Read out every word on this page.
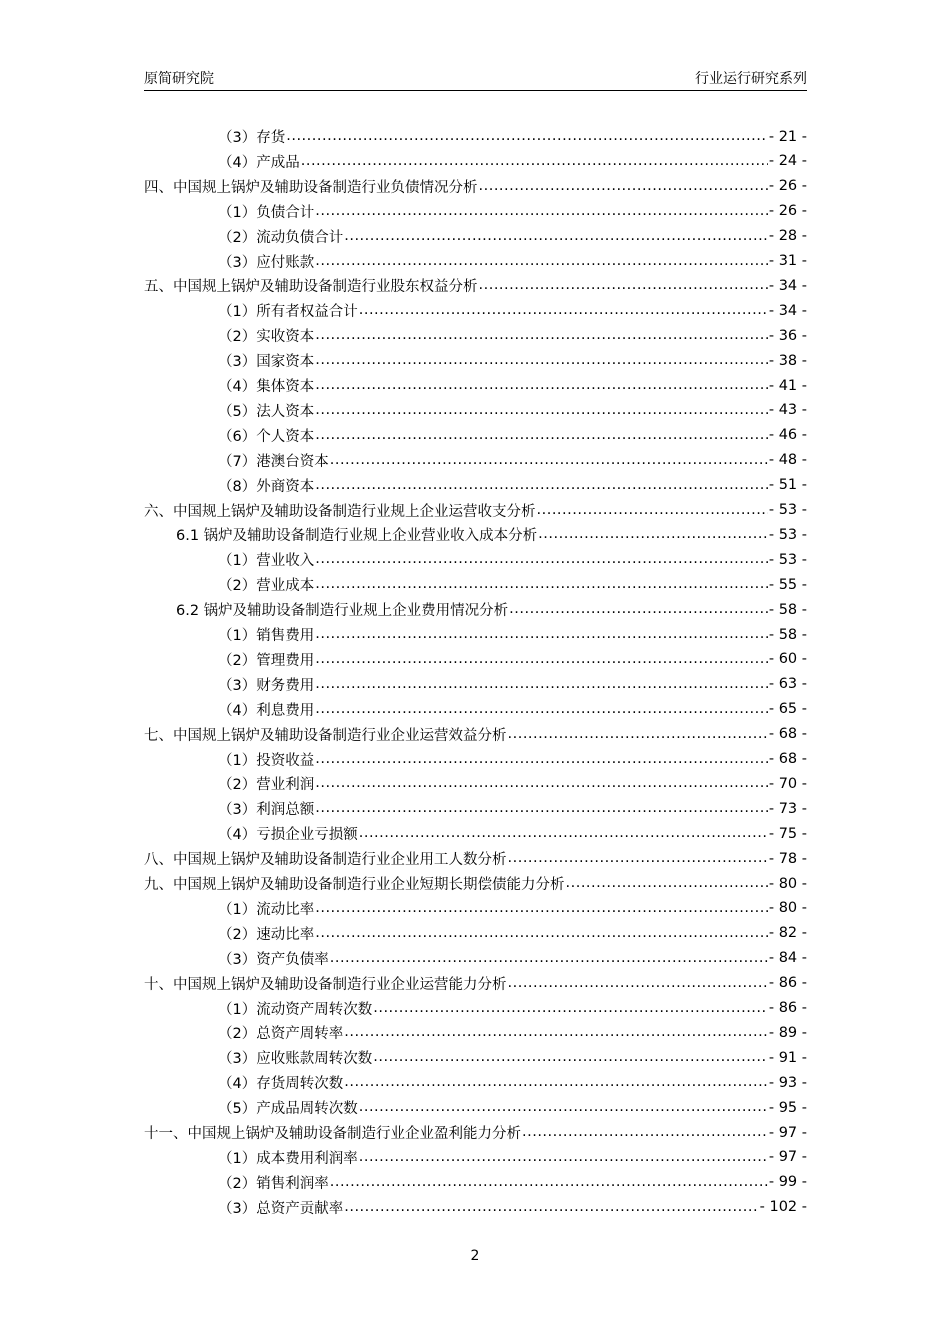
原简研究院	行业运行研究系列
（3）存货 .....	- 21 -
（4）产成品 .....	- 24 -
四、中国规上锅炉及辅助设备制造行业负债情况分析 .....	- 26 -
（1）负债合计 .....	- 26 -
（2）流动负债合计 .....	- 28 -
（3）应付账款 .....	- 31 -
五、中国规上锅炉及辅助设备制造行业股东权益分析 .....	- 34 -
（1）所有者权益合计 .....	- 34 -
（2）实收资本 .....	- 36 -
（3）国家资本 .....	- 38 -
（4）集体资本 .....	- 41 -
（5）法人资本 .....	- 43 -
（6）个人资本 .....	- 46 -
（7）港澳台资本 .....	- 48 -
（8）外商资本 .....	- 51 -
六、中国规上锅炉及辅助设备制造行业规上企业运营收支分析 .....	- 53 -
6.1 锅炉及辅助设备制造行业规上企业营业收入成本分析 .....	- 53 -
（1）营业收入 .....	- 53 -
（2）营业成本 .....	- 55 -
6.2 锅炉及辅助设备制造行业规上企业费用情况分析 .....	- 58 -
（1）销售费用 .....	- 58 -
（2）管理费用 .....	- 60 -
（3）财务费用 .....	- 63 -
（4）利息费用 .....	- 65 -
七、中国规上锅炉及辅助设备制造行业企业运营效益分析 .....	- 68 -
（1）投资收益 .....	- 68 -
（2）营业利润 .....	- 70 -
（3）利润总额 .....	- 73 -
（4）亏损企业亏损额 .....	- 75 -
八、中国规上锅炉及辅助设备制造行业企业用工人数分析 .....	- 78 -
九、中国规上锅炉及辅助设备制造行业企业短期长期偿债能力分析 .....	- 80 -
（1）流动比率 .....	- 80 -
（2）速动比率 .....	- 82 -
（3）资产负债率 .....	- 84 -
十、中国规上锅炉及辅助设备制造行业企业运营能力分析 .....	- 86 -
（1）流动资产周转次数 .....	- 86 -
（2）总资产周转率 .....	- 89 -
（3）应收账款周转次数 .....	- 91 -
（4）存货周转次数 .....	- 93 -
（5）产成品周转次数 .....	- 95 -
十一、中国规上锅炉及辅助设备制造行业企业盈利能力分析 .....	- 97 -
（1）成本费用利润率 .....	- 97 -
（2）销售利润率 .....	- 99 -
（3）总资产贡献率 .....	- 102 -
2
